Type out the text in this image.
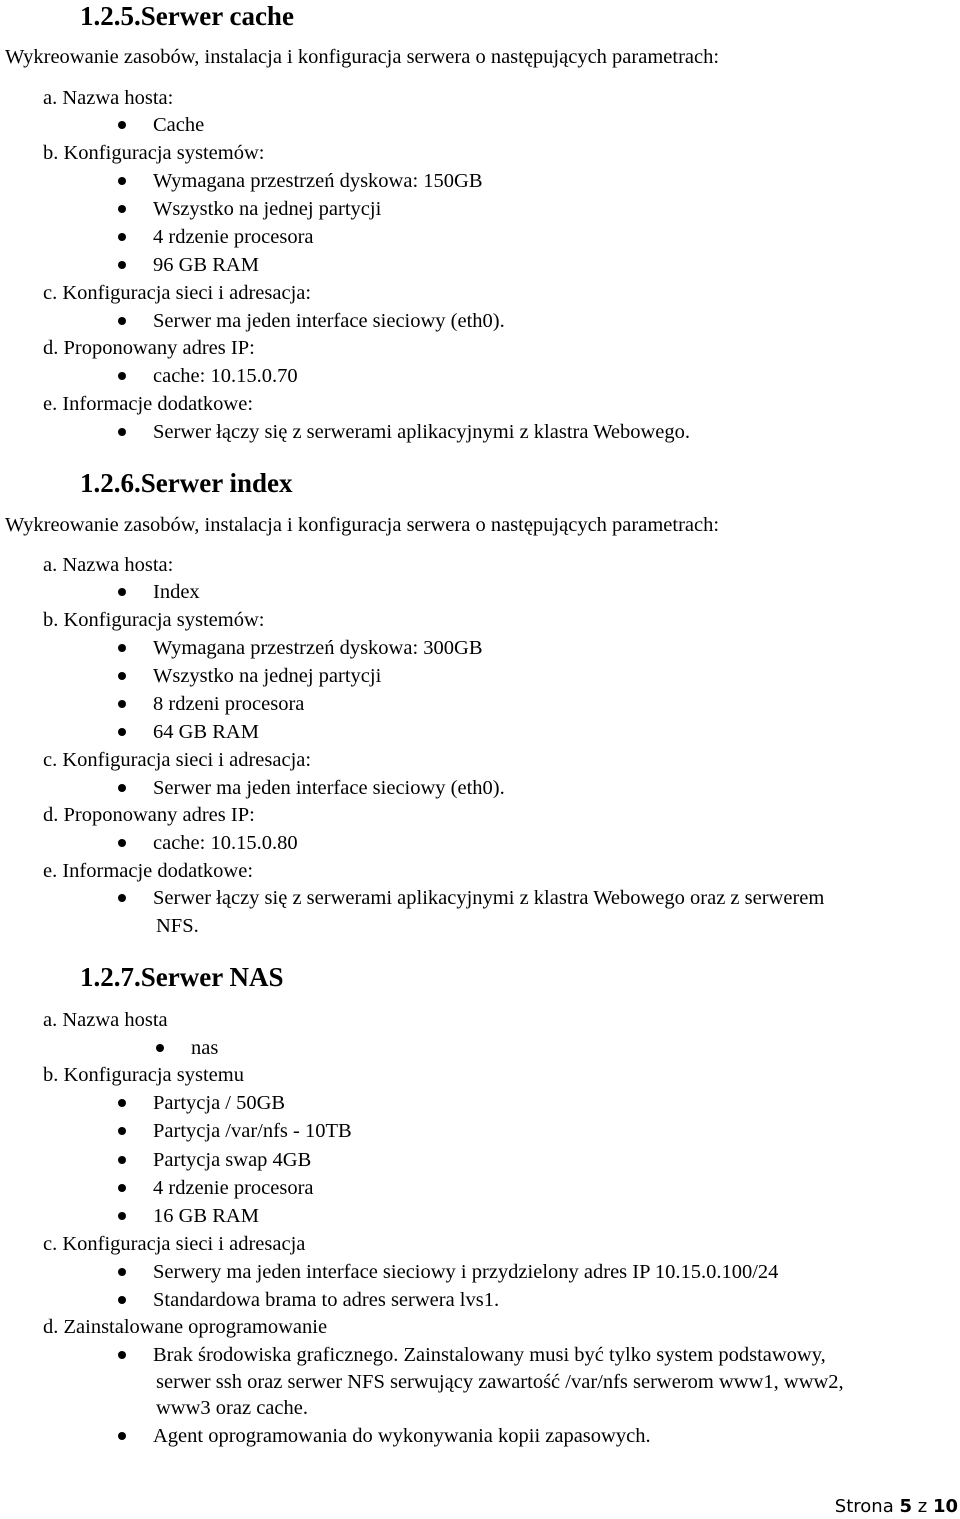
1.2.5.Serwer cache
Wykreowanie zasobów, instalacja i konfiguracja serwera o następujących parametrach:
a. Nazwa hosta:
Cache
b. Konfiguracja systemów:
Wymagana przestrzeń dyskowa: 150GB
Wszystko na jednej partycji
4 rdzenie procesora
96 GB RAM
c. Konfiguracja sieci i adresacja:
Serwer ma jeden interface sieciowy (eth0).
d. Proponowany adres IP:
cache: 10.15.0.70
e. Informacje dodatkowe:
Serwer łączy się z serwerami aplikacyjnymi z klastra Webowego.
1.2.6.Serwer index
Wykreowanie zasobów, instalacja i konfiguracja serwera o następujących parametrach:
a. Nazwa hosta:
Index
b. Konfiguracja systemów:
Wymagana przestrzeń dyskowa: 300GB
Wszystko na jednej partycji
8 rdzeni procesora
64 GB RAM
c. Konfiguracja sieci i adresacja:
Serwer ma jeden interface sieciowy (eth0).
d. Proponowany adres IP:
cache: 10.15.0.80
e. Informacje dodatkowe:
Serwer łączy się z serwerami aplikacyjnymi z klastra Webowego oraz z serwerem
NFS.
1.2.7.Serwer NAS
a. Nazwa hosta
nas
b. Konfiguracja systemu
Partycja / 50GB
Partycja /var/nfs - 10TB
Partycja swap 4GB
4 rdzenie procesora
16 GB RAM
c. Konfiguracja sieci i adresacja
Serwery ma jeden interface sieciowy i przydzielony adres IP 10.15.0.100/24
Standardowa brama to adres serwera lvs1.
d. Zainstalowane oprogramowanie
Brak środowiska graficznego. Zainstalowany musi być tylko system podstawowy,
serwer ssh oraz serwer NFS serwujący zawartość /var/nfs serwerom www1, www2,
www3 oraz cache.
Agent oprogramowania do wykonywania kopii zapasowych.
Strona 5 z 10
